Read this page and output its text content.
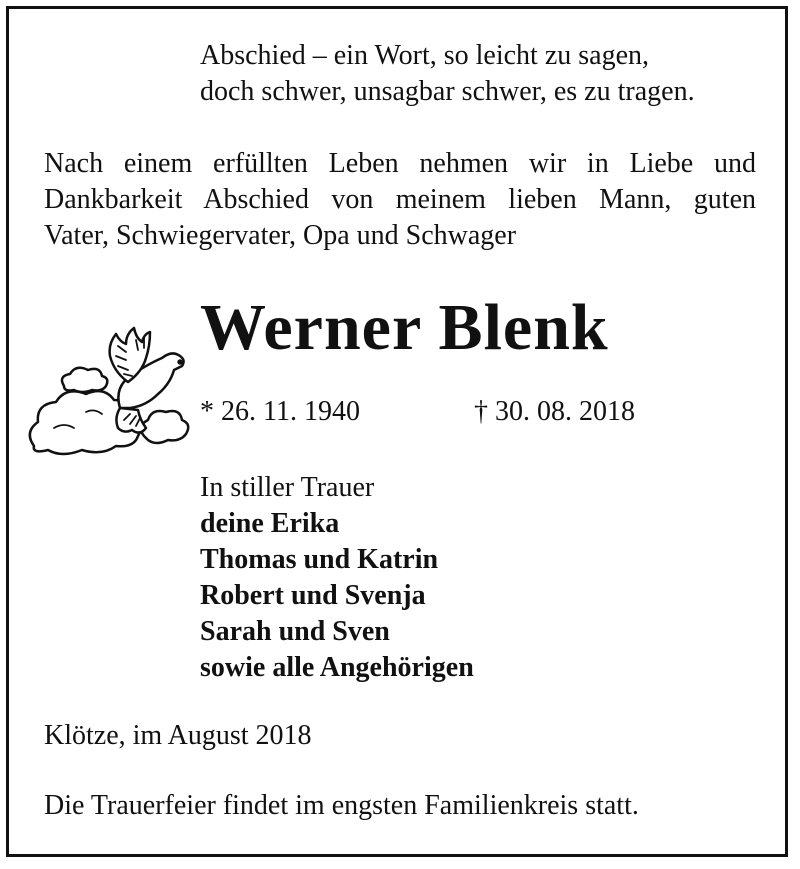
Abschied – ein Wort, so leicht zu sagen,
doch schwer, unsagbar schwer, es zu tragen.
Nach einem erfüllten Leben nehmen wir in Liebe und
Dankbarkeit Abschied von meinem lieben Mann, guten
Vater, Schwiegervater, Opa und Schwager
Werner Blenk
* 26. 11. 1940	† 30. 08. 2018
In stiller Trauer
deine Erika
Thomas und Katrin
Robert und Svenja
Sarah und Sven
sowie alle Angehörigen
Klötze, im August 2018
Die Trauerfeier findet im engsten Familienkreis statt.
